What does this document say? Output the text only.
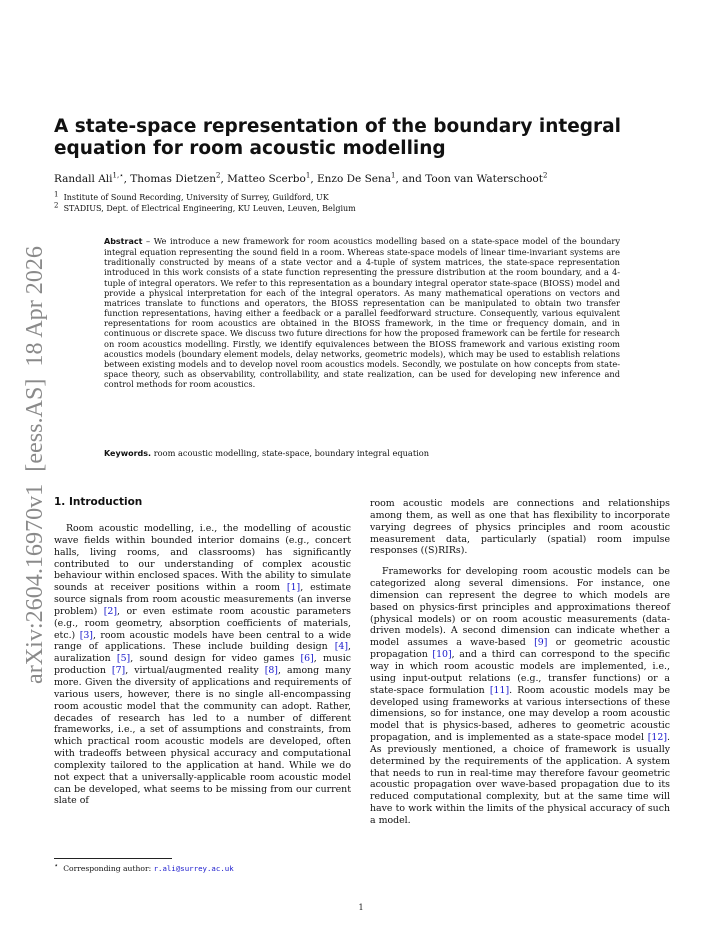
arXiv:2604.16970v1  [eess.AS]  18 Apr 2026
A state-space representation of the boundary integral equation for room acoustic modelling
Randall Ali$^{1,⋆}$, Thomas Dietzen$^2$, Matteo Scerbo$^1$, Enzo De Sena$^1$, and Toon van Waterschoot$^2$
$^1$ Institute of Sound Recording, University of Surrey, Guildford, UK
$^2$ STADIUS, Dept. of Electrical Engineering, KU Leuven, Leuven, Belgium

Abstract – We introduce a new framework for room acoustics modelling based on a state-space model of the boundary integral equation representing the sound field in a room. Whereas state-space models of linear time-invariant systems are traditionally constructed by means of a state vector and a 4-tuple of system matrices, the state-space representation introduced in this work consists of a state function representing the pressure distribution at the room boundary, and a 4-tuple of integral operators. We refer to this representation as a boundary integral operator state-space (BIOSS) model and provide a physical interpretation for each of the integral operators. As many mathematical operations on vectors and matrices translate to functions and operators, the BIOSS representation can be manipulated to obtain two transfer function representations, having either a feedback or a parallel feedforward structure. Consequently, various equivalent representations for room acoustics are obtained in the BIOSS framework, in the time or frequency domain, and in continuous or discrete space. We discuss two future directions for how the proposed framework can be fertile for research on room acoustics modelling. Firstly, we identify equivalences between the BIOSS framework and various existing room acoustics models (boundary element models, delay networks, geometric models), which may be used to establish relations between existing models and to develop novel room acoustics models. Secondly, we postulate on how concepts from state-space theory, such as observability, controllability, and state realization, can be used for developing new inference and control methods for room acoustics.

Keywords. room acoustic modelling, state-space, boundary integral equation

1. Introduction

Room acoustic modelling, i.e., the modelling of acoustic wave fields within bounded interior domains (e.g., concert halls, living rooms, and classrooms) has significantly contributed to our understanding of complex acoustic behaviour within enclosed spaces. With the ability to simulate sounds at receiver positions within a room [1], estimate source signals from room acoustic measurements (an inverse problem) [2], or even estimate room acoustic parameters (e.g., room geometry, absorption coefficients of materials, etc.) [3], room acoustic models have been central to a wide range of applications. These include building design [4], auralization [5], sound design for video games [6], music production [7], virtual/augmented reality [8], among many more. Given the diversity of applications and requirements of various users, however, there is no single all-encompassing room acoustic model that the community can adopt. Rather, decades of research has led to a number of different frameworks, i.e., a set of assumptions and constraints, from which practical room acoustic models are developed, often with tradeoffs between physical accuracy and computational complexity tailored to the application at hand. While we do not expect that a universally-applicable room acoustic model can be developed, what seems to be missing from our current slate of

room acoustic models are connections and relationships among them, as well as one that has flexibility to incorporate varying degrees of physics principles and room acoustic measurement data, particularly (spatial) room impulse responses ((S)RIRs).

Frameworks for developing room acoustic models can be categorized along several dimensions. For instance, one dimension can represent the degree to which models are based on physics-first principles and approximations thereof (physical models) or on room acoustic measurements (data-driven models). A second dimension can indicate whether a model assumes a wave-based [9] or geometric acoustic propagation [10], and a third can correspond to the specific way in which room acoustic models are implemented, i.e., using input-output relations (e.g., transfer functions) or a state-space formulation [11]. Room acoustic models may be developed using frameworks at various intersections of these dimensions, so for instance, one may develop a room acoustic model that is physics-based, adheres to geometric acoustic propagation, and is implemented as a state-space model [12]. As previously mentioned, a choice of framework is usually determined by the requirements of the application. A system that needs to run in real-time may therefore favour geometric acoustic propagation over wave-based propagation due to its reduced computational complexity, but at the same time will have to work within the limits of the physical accuracy of such a model.

⋆ Corresponding author: r.ali@surrey.ac.uk
1
